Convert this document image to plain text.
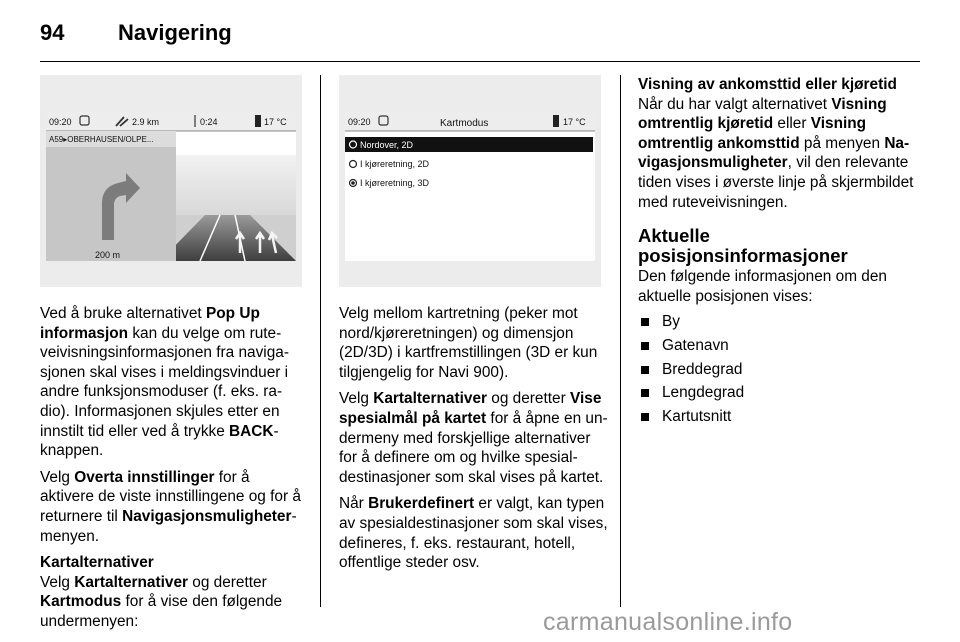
94 Navigering
09:20	2.9 km	0:24	17 °C
A59▸OBERHAUSEN/OLPE...
200 m
09:20	Kartmodus	17 °C
Nordover, 2D
I kjøreretning, 2D
I kjøreretning, 3D

Ved å bruke alternativet Pop Up informasjon kan du velge om ruteveivisningsinformasjonen fra navigasjonen skal vises i meldingsvinduer i andre funksjonsmoduser (f. eks. radio). Informasjonen skjules etter en innstilt tid eller ved å trykke BACK-knappen.

Velg Overta innstillinger for å aktivere de viste innstillingene og for å returnere til Navigasjonsmuligheter-menyen.

Kartalternativer

Velg Kartalternativer og deretter Kartmodus for å vise den følgende undermenyen:

Velg mellom kartretning (peker mot nord/kjøreretningen) og dimensjon (2D/3D) i kartfremstillingen (3D er kun tilgjengelig for Navi 900).

Velg Kartalternativer og deretter Vise spesialmål på kartet for å åpne en undermeny med forskjellige alternativer for å definere om og hvilke spesialdestinasjoner som skal vises på kartet.

Når Brukerdefinert er valgt, kan typen av spesialdestinasjoner som skal vises, defineres, f. eks. restaurant, hotell, offentlige steder osv.

Visning av ankomsttid eller kjøretid

Når du har valgt alternativet Visning omtrentlig kjøretid eller Visning omtrentlig ankomsttid på menyen Navigasjonsmuligheter, vil den relevante tiden vises i øverste linje på skjermbildet med ruteveivisningen.

Aktuelle posisjonsinformasjoner
Den følgende informasjonen om den aktuelle posisjonen vises:
By
Gatenavn
Breddegrad
Lengdegrad
Kartutsnitt
carmanualsonline.info
